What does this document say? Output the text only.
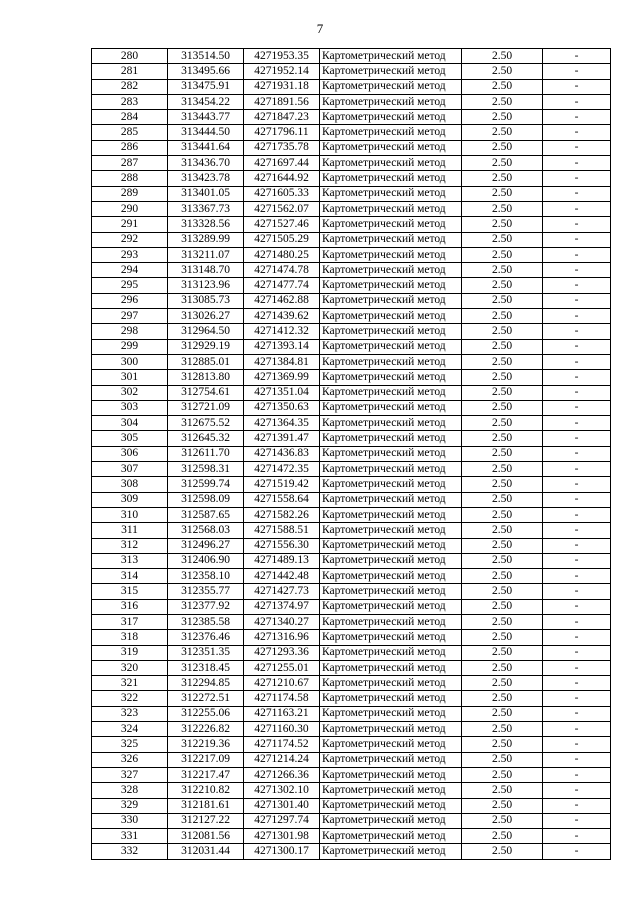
7
280	313514.50	4271953.35	Картометрический метод	2.50	-
281	313495.66	4271952.14	Картометрический метод	2.50	-
282	313475.91	4271931.18	Картометрический метод	2.50	-
283	313454.22	4271891.56	Картометрический метод	2.50	-
284	313443.77	4271847.23	Картометрический метод	2.50	-
285	313444.50	4271796.11	Картометрический метод	2.50	-
286	313441.64	4271735.78	Картометрический метод	2.50	-
287	313436.70	4271697.44	Картометрический метод	2.50	-
288	313423.78	4271644.92	Картометрический метод	2.50	-
289	313401.05	4271605.33	Картометрический метод	2.50	-
290	313367.73	4271562.07	Картометрический метод	2.50	-
291	313328.56	4271527.46	Картометрический метод	2.50	-
292	313289.99	4271505.29	Картометрический метод	2.50	-
293	313211.07	4271480.25	Картометрический метод	2.50	-
294	313148.70	4271474.78	Картометрический метод	2.50	-
295	313123.96	4271477.74	Картометрический метод	2.50	-
296	313085.73	4271462.88	Картометрический метод	2.50	-
297	313026.27	4271439.62	Картометрический метод	2.50	-
298	312964.50	4271412.32	Картометрический метод	2.50	-
299	312929.19	4271393.14	Картометрический метод	2.50	-
300	312885.01	4271384.81	Картометрический метод	2.50	-
301	312813.80	4271369.99	Картометрический метод	2.50	-
302	312754.61	4271351.04	Картометрический метод	2.50	-
303	312721.09	4271350.63	Картометрический метод	2.50	-
304	312675.52	4271364.35	Картометрический метод	2.50	-
305	312645.32	4271391.47	Картометрический метод	2.50	-
306	312611.70	4271436.83	Картометрический метод	2.50	-
307	312598.31	4271472.35	Картометрический метод	2.50	-
308	312599.74	4271519.42	Картометрический метод	2.50	-
309	312598.09	4271558.64	Картометрический метод	2.50	-
310	312587.65	4271582.26	Картометрический метод	2.50	-
311	312568.03	4271588.51	Картометрический метод	2.50	-
312	312496.27	4271556.30	Картометрический метод	2.50	-
313	312406.90	4271489.13	Картометрический метод	2.50	-
314	312358.10	4271442.48	Картометрический метод	2.50	-
315	312355.77	4271427.73	Картометрический метод	2.50	-
316	312377.92	4271374.97	Картометрический метод	2.50	-
317	312385.58	4271340.27	Картометрический метод	2.50	-
318	312376.46	4271316.96	Картометрический метод	2.50	-
319	312351.35	4271293.36	Картометрический метод	2.50	-
320	312318.45	4271255.01	Картометрический метод	2.50	-
321	312294.85	4271210.67	Картометрический метод	2.50	-
322	312272.51	4271174.58	Картометрический метод	2.50	-
323	312255.06	4271163.21	Картометрический метод	2.50	-
324	312226.82	4271160.30	Картометрический метод	2.50	-
325	312219.36	4271174.52	Картометрический метод	2.50	-
326	312217.09	4271214.24	Картометрический метод	2.50	-
327	312217.47	4271266.36	Картометрический метод	2.50	-
328	312210.82	4271302.10	Картометрический метод	2.50	-
329	312181.61	4271301.40	Картометрический метод	2.50	-
330	312127.22	4271297.74	Картометрический метод	2.50	-
331	312081.56	4271301.98	Картометрический метод	2.50	-
332	312031.44	4271300.17	Картометрический метод	2.50	-
